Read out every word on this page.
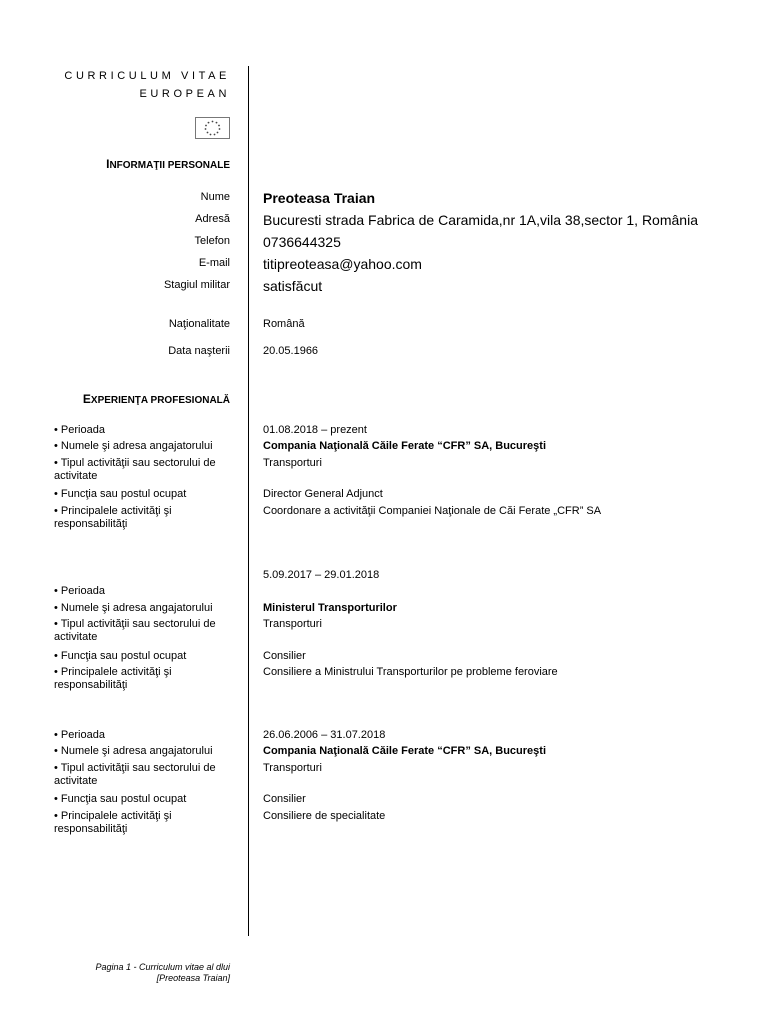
CURRICULUM VITAE
EUROPEAN
INFORMAŢII PERSONALE
Nume Preoteasa Traian
Adresă Bucuresti strada Fabrica de Caramida,nr 1A,vila 38,sector 1, România
Telefon 0736644325
E-mail titipreoteasa@yahoo.com
Stagiul militar satisfăcut
Naţionalitate	Română
Data naşterii	20.05.1966
EXPERIENŢA PROFESIONALĂ
• Perioada
• Numele şi adresa angajatorului
• Tipul activităţii sau sectorului de
activitate
• Funcţia sau postul ocupat
• Principalele activităţi şi
responsabilităţi
01.08.2018 – prezent
Compania Naţională Căile Ferate “CFR” SA, Bucureşti
Transporturi
Director General Adjunct
Coordonare a activităţii Companiei Naţionale de Căi Ferate „CFR” SA
5.09.2017 – 29.01.2018
• Perioada
• Numele şi adresa angajatorului
• Tipul activităţii sau sectorului de
activitate
• Funcţia sau postul ocupat
• Principalele activităţi şi
responsabilităţi
Ministerul Transporturilor
Transporturi
Consilier
Consiliere a Ministrului Transporturilor pe probleme feroviare
• Perioada
• Numele şi adresa angajatorului
• Tipul activităţii sau sectorului de
activitate
• Funcţia sau postul ocupat
• Principalele activităţi şi
responsabilităţi
26.06.2006 – 31.07.2018
Compania Naţională Căile Ferate “CFR” SA, Bucureşti
Transporturi
Consilier
Consiliere de specialitate
Pagina 1 - Curriculum vitae al dlui
[Preoteasa Traian]
